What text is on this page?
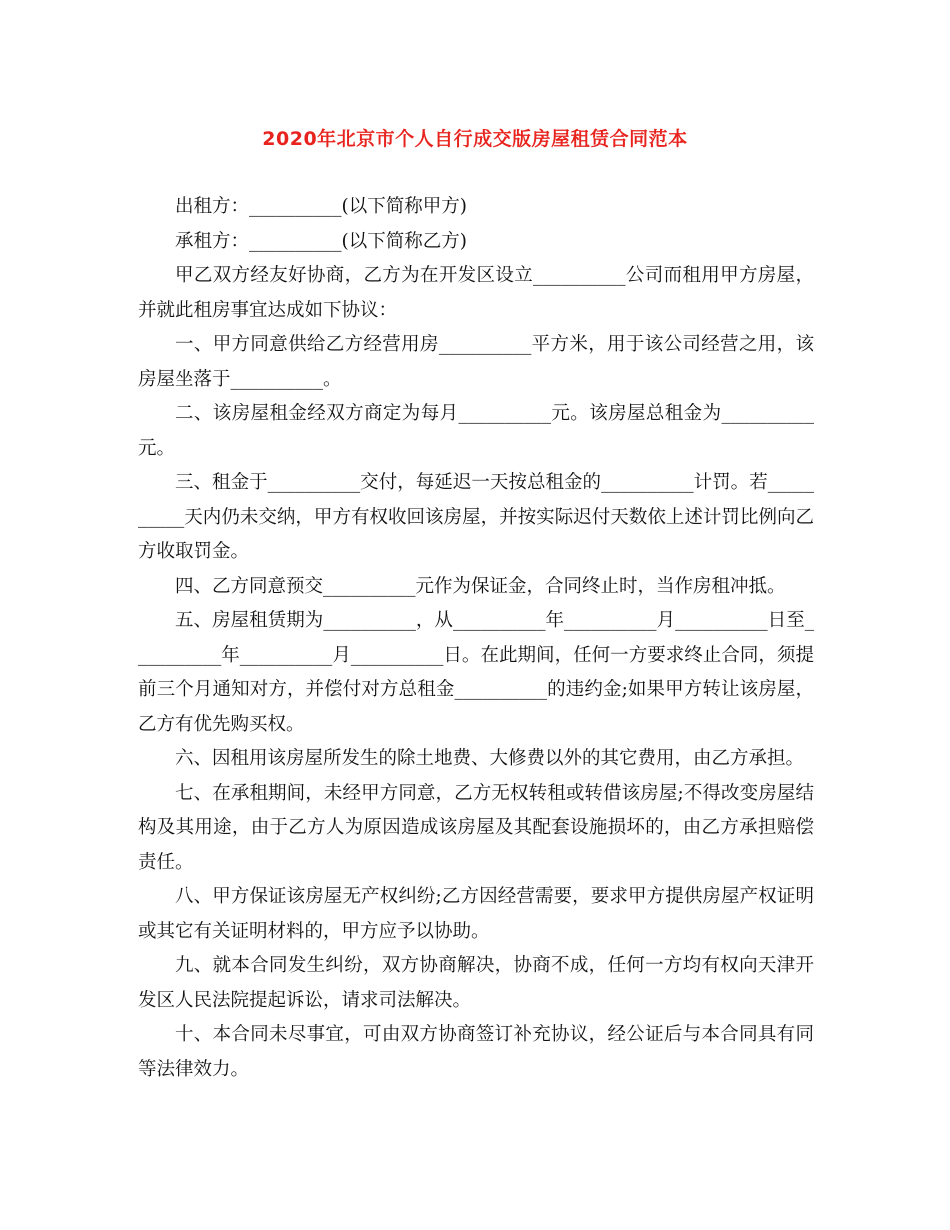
2020年北京市个人自行成交版房屋租赁合同范本

出租方：__________(以下简称甲方)

承租方：__________(以下简称乙方)

甲乙双方经友好协商，乙方为在开发区设立__________公司而租用甲方房屋，并就此租房事宜达成如下协议：

一、甲方同意供给乙方经营用房__________平方米，用于该公司经营之用，该房屋坐落于__________。

二、该房屋租金经双方商定为每月__________元。该房屋总租金为__________元。

三、租金于__________交付，每延迟一天按总租金的__________计罚。若__________天内仍未交纳，甲方有权收回该房屋，并按实际迟付天数依上述计罚比例向乙方收取罚金。

四、乙方同意预交__________元作为保证金，合同终止时，当作房租冲抵。

五、房屋租赁期为__________，从__________年__________月__________日至__________年__________月__________日。在此期间，任何一方要求终止合同，须提前三个月通知对方，并偿付对方总租金__________的违约金;如果甲方转让该房屋，乙方有优先购买权。

六、因租用该房屋所发生的除土地费、大修费以外的其它费用，由乙方承担。

七、在承租期间，未经甲方同意，乙方无权转租或转借该房屋;不得改变房屋结构及其用途，由于乙方人为原因造成该房屋及其配套设施损坏的，由乙方承担赔偿责任。

八、甲方保证该房屋无产权纠纷;乙方因经营需要，要求甲方提供房屋产权证明或其它有关证明材料的，甲方应予以协助。

九、就本合同发生纠纷，双方协商解决，协商不成，任何一方均有权向天津开发区人民法院提起诉讼，请求司法解决。

十、本合同未尽事宜，可由双方协商签订补充协议，经公证后与本合同具有同等法律效力。
